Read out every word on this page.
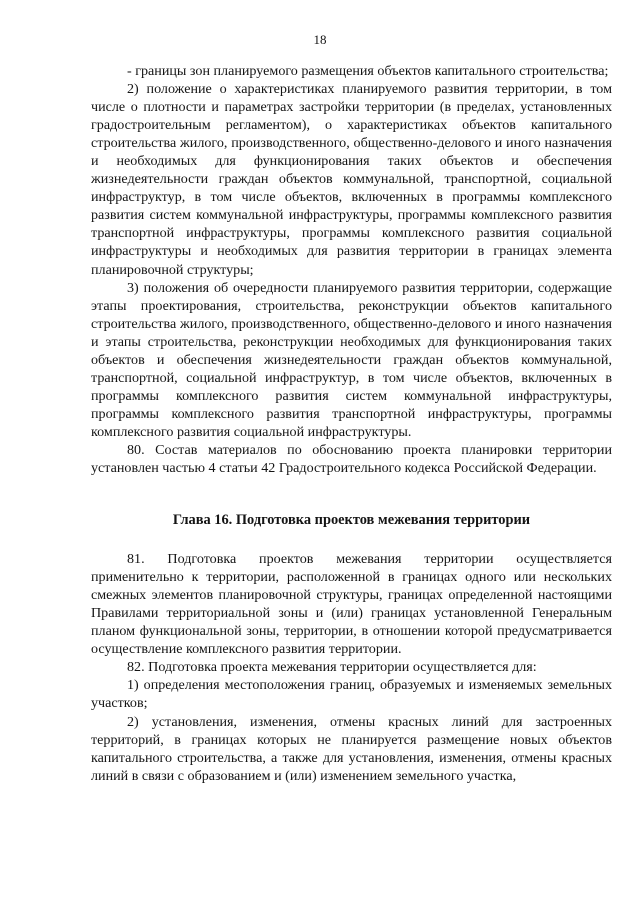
18

- границы зон планируемого размещения объектов капитального строительства;

2) положение о характеристиках планируемого развития территории, в том числе о плотности и параметрах застройки территории (в пределах, установленных градостроительным регламентом), о характеристиках объектов капитального строительства жилого, производственного, общественно-делового и иного назначения и необходимых для функционирования таких объектов и обеспечения жизнедеятельности граждан объектов коммунальной, транспортной, социальной инфраструктур, в том числе объектов, включенных в программы комплексного развития систем коммунальной инфраструктуры, программы комплексного развития транспортной инфраструктуры, программы комплексного развития социальной инфраструктуры и необходимых для развития территории в границах элемента планировочной структуры;

3) положения об очередности планируемого развития территории, содержащие этапы проектирования, строительства, реконструкции объектов капитального строительства жилого, производственного, общественно-делового и иного назначения и этапы строительства, реконструкции необходимых для функционирования таких объектов и обеспечения жизнедеятельности граждан объектов коммунальной, транспортной, социальной инфраструктур, в том числе объектов, включенных в программы комплексного развития систем коммунальной инфраструктуры, программы комплексного развития транспортной инфраструктуры, программы комплексного развития социальной инфраструктуры.

80. Состав материалов по обоснованию проекта планировки территории установлен частью 4 статьи 42 Градостроительного кодекса Российской Федерации.

Глава 16. Подготовка проектов межевания территории

81. Подготовка проектов межевания территории осуществляется применительно к территории, расположенной в границах одного или нескольких смежных элементов планировочной структуры, границах определенной настоящими Правилами территориальной зоны и (или) границах установленной Генеральным планом функциональной зоны, территории, в отношении которой предусматривается осуществление комплексного развития территории.

82. Подготовка проекта межевания территории осуществляется для:

1) определения местоположения границ, образуемых и изменяемых земельных участков;

2) установления, изменения, отмены красных линий для застроенных территорий, в границах которых не планируется размещение новых объектов капитального строительства, а также для установления, изменения, отмены красных линий в связи с образованием и (или) изменением земельного участка,
